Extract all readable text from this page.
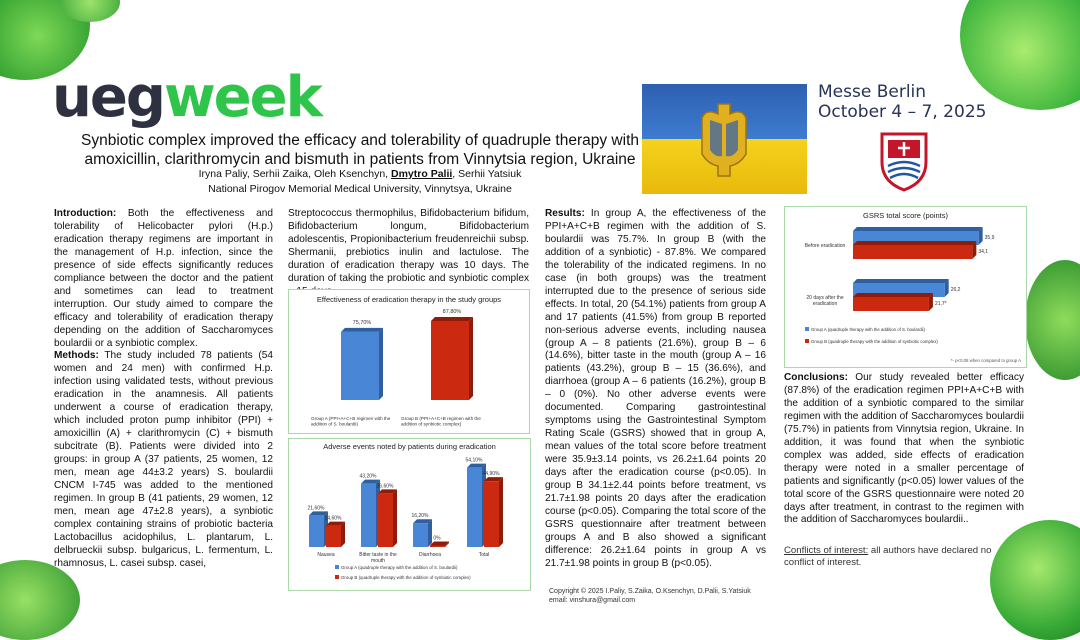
uegweek
Synbiotic complex improved the efficacy and tolerability of quadruple therapy with amoxicillin, clarithromycin and bismuth in patients from Vinnytsia region, Ukraine
Iryna Paliy, Serhii Zaika, Oleh Ksenchyn, Dmytro Palii, Serhii Yatsiuk
National Pirogov Memorial Medical University, Vinnytsya, Ukraine
Messe Berlin
October 4 – 7, 2025
Introduction: Both the effectiveness and tolerability of Helicobacter pylori (H.p.) eradication therapy regimens are important in the management of H.p. infection, since the presence of side effects significantly reduces compliance between the doctor and the patient and sometimes can lead to treatment interruption. Our study aimed to compare the efficacy and tolerability of eradication therapy depending on the addition of Saccharomyces boulardii or a synbiotic complex.
Methods: The study included 78 patients (54 women and 24 men) with confirmed H.p. infection using validated tests, without previous eradication in the anamnesis. All patients underwent a course of eradication therapy, which included proton pump inhibitor (PPI) + amoxicillin (A) + clarithromycin (C) + bismuth subcitrate (B). Patients were divided into 2 groups: in group A (37 patients, 25 women, 12 men, mean age 44±3.2 years) S. boulardii CNCM I-745 was added to the mentioned regimen. In group B (41 patients, 29 women, 12 men, mean age 47±2.8 years), a synbiotic complex containing strains of probiotic bacteria Lactobacillus acidophilus, L. plantarum, L. delbrueckii subsp. bulgaricus, L. fermentum, L. rhamnosus, L. casei subsp. casei,
Streptococcus thermophilus, Bifidobacterium bifidum, Bifidobacterium longum, Bifidobacterium adolescentis, Propionibacterium freudenreichii subsp. Shermanii, prebiotics inulin and lactulose. The duration of eradication therapy was 10 days. The duration of taking the probiotic and synbiotic complex
Effectiveness of eradication therapy in the study groups
75,70%
Group A (PPI+A+C+B regimen with the addition of S. boulardii)
87,80%
Group B (PPI+A+C+B regimen with the addition of synbiotic complex)
Adverse events noted by patients during eradication
21,60%
14,60%
Nausea
43,20%
36,60%
Bitter taste in the mouth
16,20%
0%
Diarrhoea
54,10%
44,90%
Total
Group A (quadruple therapy with the addition of S. boulardii)
Group B (quadruple therapy with the addition of synbiotic complex)
Results: In group A, the effectiveness of the PPI+A+C+B regimen with the addition of S. boulardii was 75.7%. In group B (with the addition of a synbiotic) - 87.8%. We compared the tolerability of the indicated regimens. In no case (in both groups) was the treatment interrupted due to the presence of serious side effects. In total, 20 (54.1%) patients from group A and 17 patients (41.5%) from group B reported non-serious adverse events, including nausea (group A – 8 patients (21.6%), group B – 6 (14.6%), bitter taste in the mouth (group A – 16 patients (43.2%), group B – 15 (36.6%), and diarrhoea (group A – 6 patients (16.2%), group B – 0 (0%). No other adverse events were documented. Comparing gastrointestinal symptoms using the Gastrointestinal Symptom Rating Scale (GSRS) showed that in group A, mean values of the total score before treatment were 35.9±3.14 points, vs 26.2±1.64 points 20 days after the eradication course (p<0.05). In group B 34.1±2.44 points before treatment, vs 21.7±1.98 points 20 days after the eradication course (p<0.05). Comparing the total score of the GSRS questionnaire after treatment between groups A and B also showed a significant difference: 26.2±1.64 points in group A vs 21.7±1.98 points in group B (p<0.05).
GSRS total score (points)
35,9
34,1
Before eradication
26,2
21,7*
20 days after the eradication
Group A (quadruple therapy with the addition of S. boulardii)
Group B (quadruple therapy with the addition of synbiotic complex)
*- p<0.05 when compared to group A
Conclusions: Our study revealed better efficacy (87.8%) of the eradication regimen PPI+A+C+B with the addition of a synbiotic compared to the similar regimen with the addition of Saccharomyces boulardii (75.7%) in patients from Vinnytsia region, Ukraine. In addition, it was found that when the synbiotic complex was added, side effects of eradication therapy were noted in a smaller percentage of patients and significantly (p<0.05) lower values of the total score of the GSRS questionnaire were noted 20 days after treatment, in contrast to the regimen with the addition of Saccharomyces boulardii..
Conflicts of interest: all authors have declared no conflict of interest.
Copyright © 2025 I.Paliy, S.Zaika, O.Ksenchyn, D.Palii, S.Yatsiuk
email: vinshura@gmail.com
